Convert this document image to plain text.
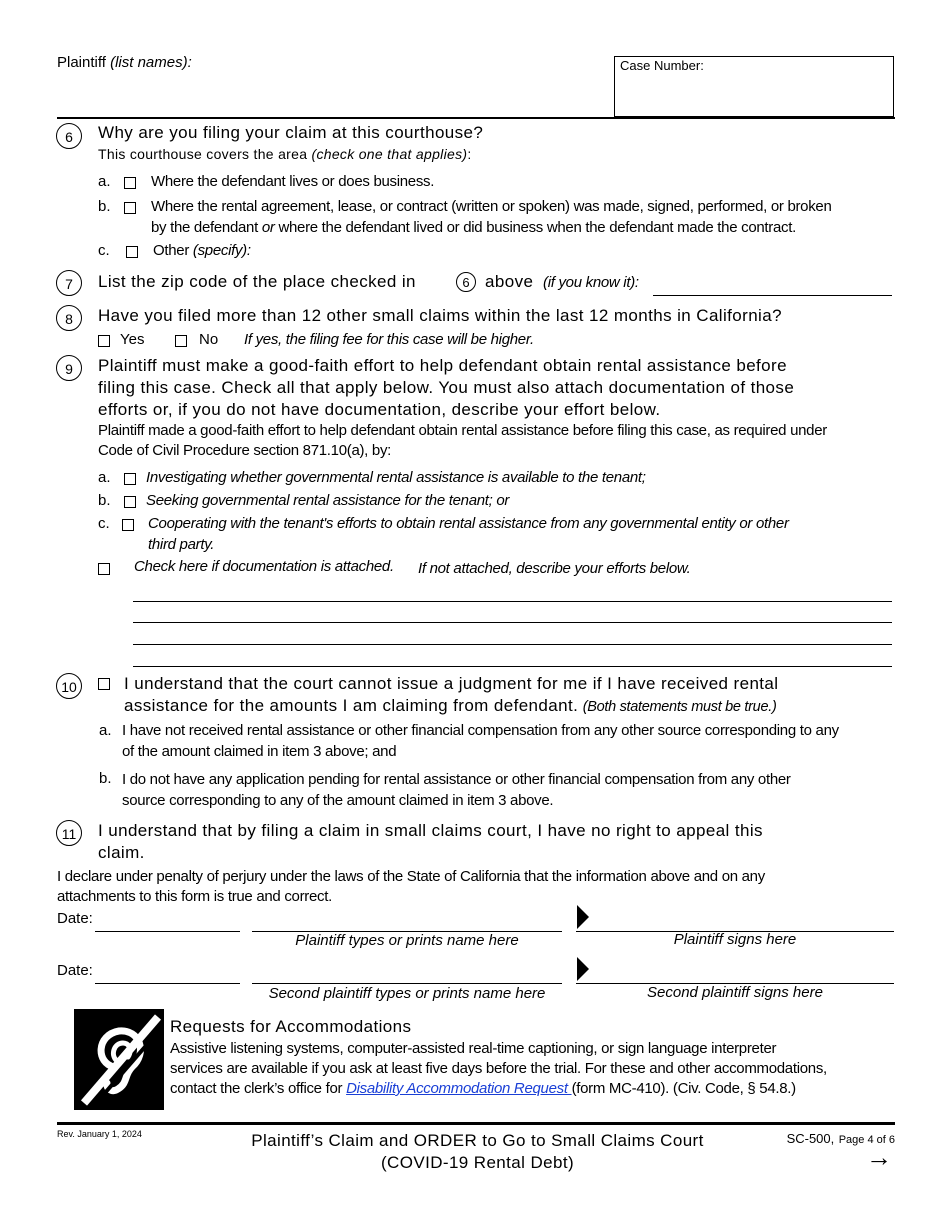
Plaintiff (list names):	Case Number:
6	Why are you filing your claim at this courthouse?
This courthouse covers the area (check one that applies):
a.	Where the defendant lives or does business.
b.	Where the rental agreement, lease, or contract (written or spoken) was made, signed, performed, or broken
by the defendant or where the defendant lived or did business when the defendant made the contract.
c.	Other (specify):
7	List the zip code of the place checked in	6 above (if you know it):
8	Have you filed more than 12 other small claims within the last 12 months in California?
Yes	No If yes, the filing fee for this case will be higher.
9	Plaintiff must make a good-faith effort to help defendant obtain rental assistance before
filing this case. Check all that apply below. You must also attach documentation of those
efforts or, if you do not have documentation, describe your effort below.
Plaintiff made a good-faith effort to help defendant obtain rental assistance before filing this case, as required under
Code of Civil Procedure section 871.10(a), by:
a. Investigating whether governmental rental assistance is available to the tenant;
b. Seeking governmental rental assistance for the tenant; or
c.	Cooperating with the tenant's efforts to obtain rental assistance from any governmental entity or other
third party.
Check here if documentation is attached. If not attached, describe your efforts below.
10	I understand that the court cannot issue a judgment for me if I have received rental
assistance for the amounts I am claiming from defendant. (Both statements must be true.)
a. I have not received rental assistance or other financial compensation from any other source corresponding to any
of the amount claimed in item 3 above; and
b. I do not have any application pending for rental assistance or other financial compensation from any other
source corresponding to any of the amount claimed in item 3 above.
11	I understand that by filing a claim in small claims court, I have no right to appeal this
claim.
I declare under penalty of perjury under the laws of the State of California that the information above and on any
attachments to this form is true and correct.
Date:
Plaintiff types or prints name here	Plaintiff signs here
Date:
Second plaintiff types or prints name here	Second plaintiff signs here
Requests for Accommodations
Assistive listening systems, computer-assisted real-time captioning, or sign language interpreter
services are available if you ask at least five days before the trial. For these and other accommodations,
contact the clerk’s office for Disability Accommodation Request (form MC-410). (Civ. Code, § 54.8.)
Rev. January 1, 2024	Plaintiff’s Claim and ORDER to Go to Small Claims Court
(COVID-19 Rental Debt)
SC-500, Page 4 of 6
→
